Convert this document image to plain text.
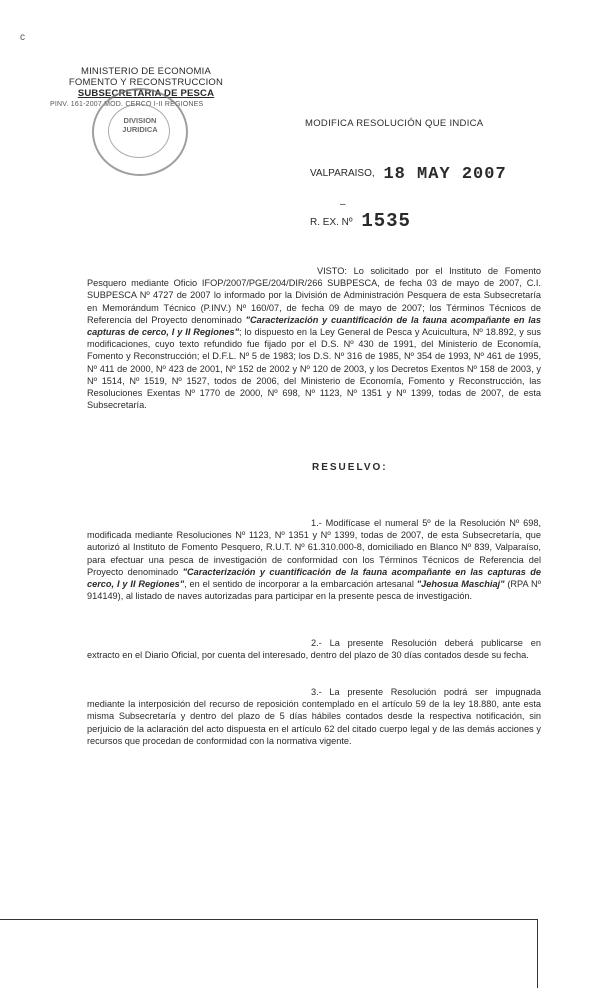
c
MINISTERIO DE ECONOMIA
FOMENTO Y RECONSTRUCCION
SUBSECRETARIA DE PESCA
PINV. 161-2007 MOD. CERCO I-II REGIONES
DIVISION
JURIDICA
MODIFICA RESOLUCIÓN QUE INDICA
VALPARAISO, 18 MAY 2007
–
R. EX. Nº 1535
VISTO: Lo solicitado por el Instituto de Fomento Pesquero mediante Oficio IFOP/2007/PGE/204/DIR/266 SUBPESCA, de fecha 03 de mayo de 2007, C.I. SUBPESCA Nº 4727 de 2007 lo informado por la División de Administración Pesquera de esta Subsecretaría en Memorándum Técnico (P.INV.) Nº 160/07, de fecha 09 de mayo de 2007; los Términos Técnicos de Referencia del Proyecto denominado "Caracterización y cuantificación de la fauna acompañante en las capturas de cerco, I y II Regiones"; lo dispuesto en la Ley General de Pesca y Acuicultura, Nº 18.892, y sus modificaciones, cuyo texto refundido fue fijado por el D.S. Nº 430 de 1991, del Ministerio de Economía, Fomento y Reconstrucción; el D.F.L. Nº 5 de 1983; los D.S. Nº 316 de 1985, Nº 354 de 1993, Nº 461 de 1995, Nº 411 de 2000, Nº 423 de 2001, Nº 152 de 2002 y Nº 120 de 2003, y los Decretos Exentos Nº 158 de 2003, y Nº 1514, Nº 1519, Nº 1527, todos de 2006, del Ministerio de Economía, Fomento y Reconstrucción, las Resoluciones Exentas Nº 1770 de 2000, Nº 698, Nº 1123, Nº 1351 y Nº 1399, todas de 2007, de esta Subsecretaría.
RESUELVO:
1.- Modifícase el numeral 5º de la Resolución Nº 698, modificada mediante Resoluciones Nº 1123, Nº 1351 y Nº 1399, todas de 2007, de esta Subsecretaría, que autorizó al Instituto de Fomento Pesquero, R.U.T. Nº 61.310.000-8, domiciliado en Blanco Nº 839, Valparaíso, para efectuar una pesca de investigación de conformidad con los Términos Técnicos de Referencia del Proyecto denominado "Caracterización y cuantificación de la fauna acompañante en las capturas de cerco, I y II Regiones", en el sentido de incorporar a la embarcación artesanal "Jehosua Maschiaj" (RPA Nº 914149), al listado de naves autorizadas para participar en la presente pesca de investigación.
2.- La presente Resolución deberá publicarse en extracto en el Diario Oficial, por cuenta del interesado, dentro del plazo de 30 días contados desde su fecha.
3.- La presente Resolución podrá ser impugnada mediante la interposición del recurso de reposición contemplado en el artículo 59 de la ley 18.880, ante esta misma Subsecretaría y dentro del plazo de 5 días hábiles contados desde la respectiva notificación, sin perjuicio de la aclaración del acto dispuesta en el artículo 62 del citado cuerpo legal y de las demás acciones y recursos que procedan de conformidad con la normativa vigente.
